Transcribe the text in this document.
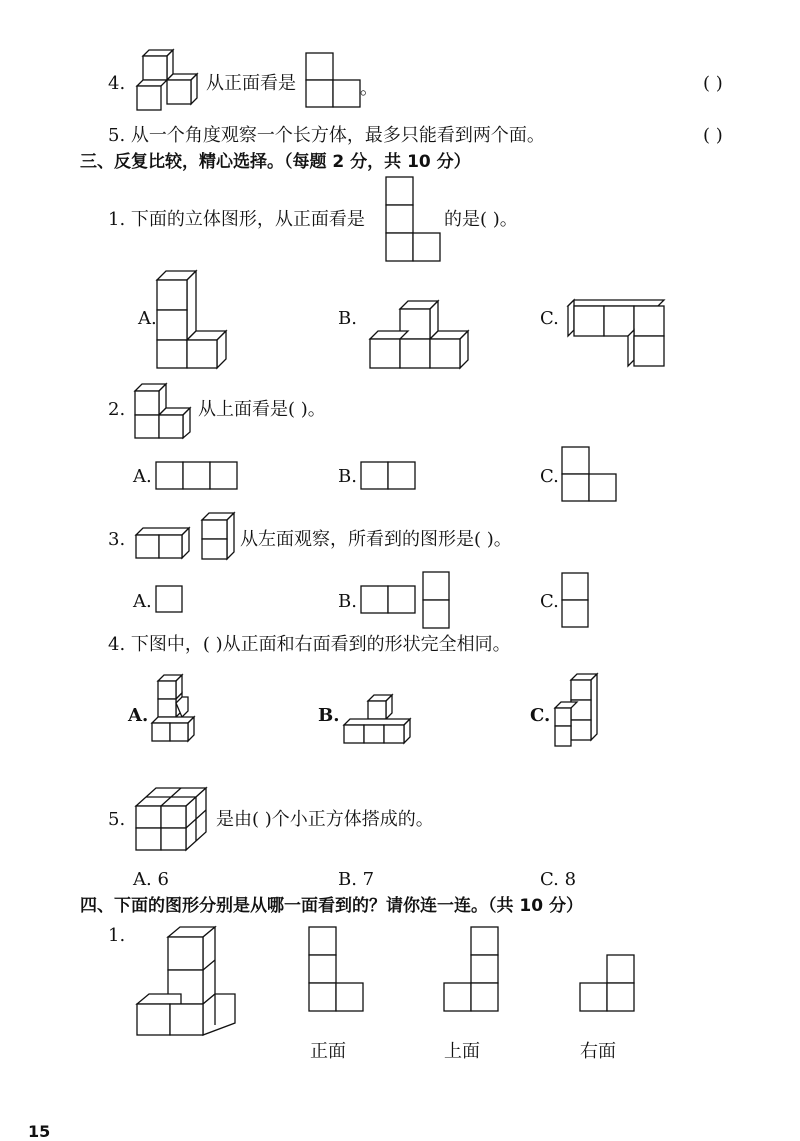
4.	从正面看是	。	( )
5. 从一个角度观察一个长方体，最多只能看到两个面。	( )
三、反复比较，精心选择。（每题 2 分，共 10 分）
1. 下面的立体图形，从正面看是	的是( )。
A.	B.	C.
2.	从上面看是( )。
A.	B.	C.
3.	从左面观察，所看到的图形是( )。
A.	B.	C.
4. 下图中，( )从正面和右面看到的形状完全相同。
A.	B.	C.
5.	是由( )个小正方体搭成的。
A. 6	B. 7	C. 8
四、下面的图形分别是从哪一面看到的？请你连一连。（共 10 分）
1.
正面	上面	右面
15
